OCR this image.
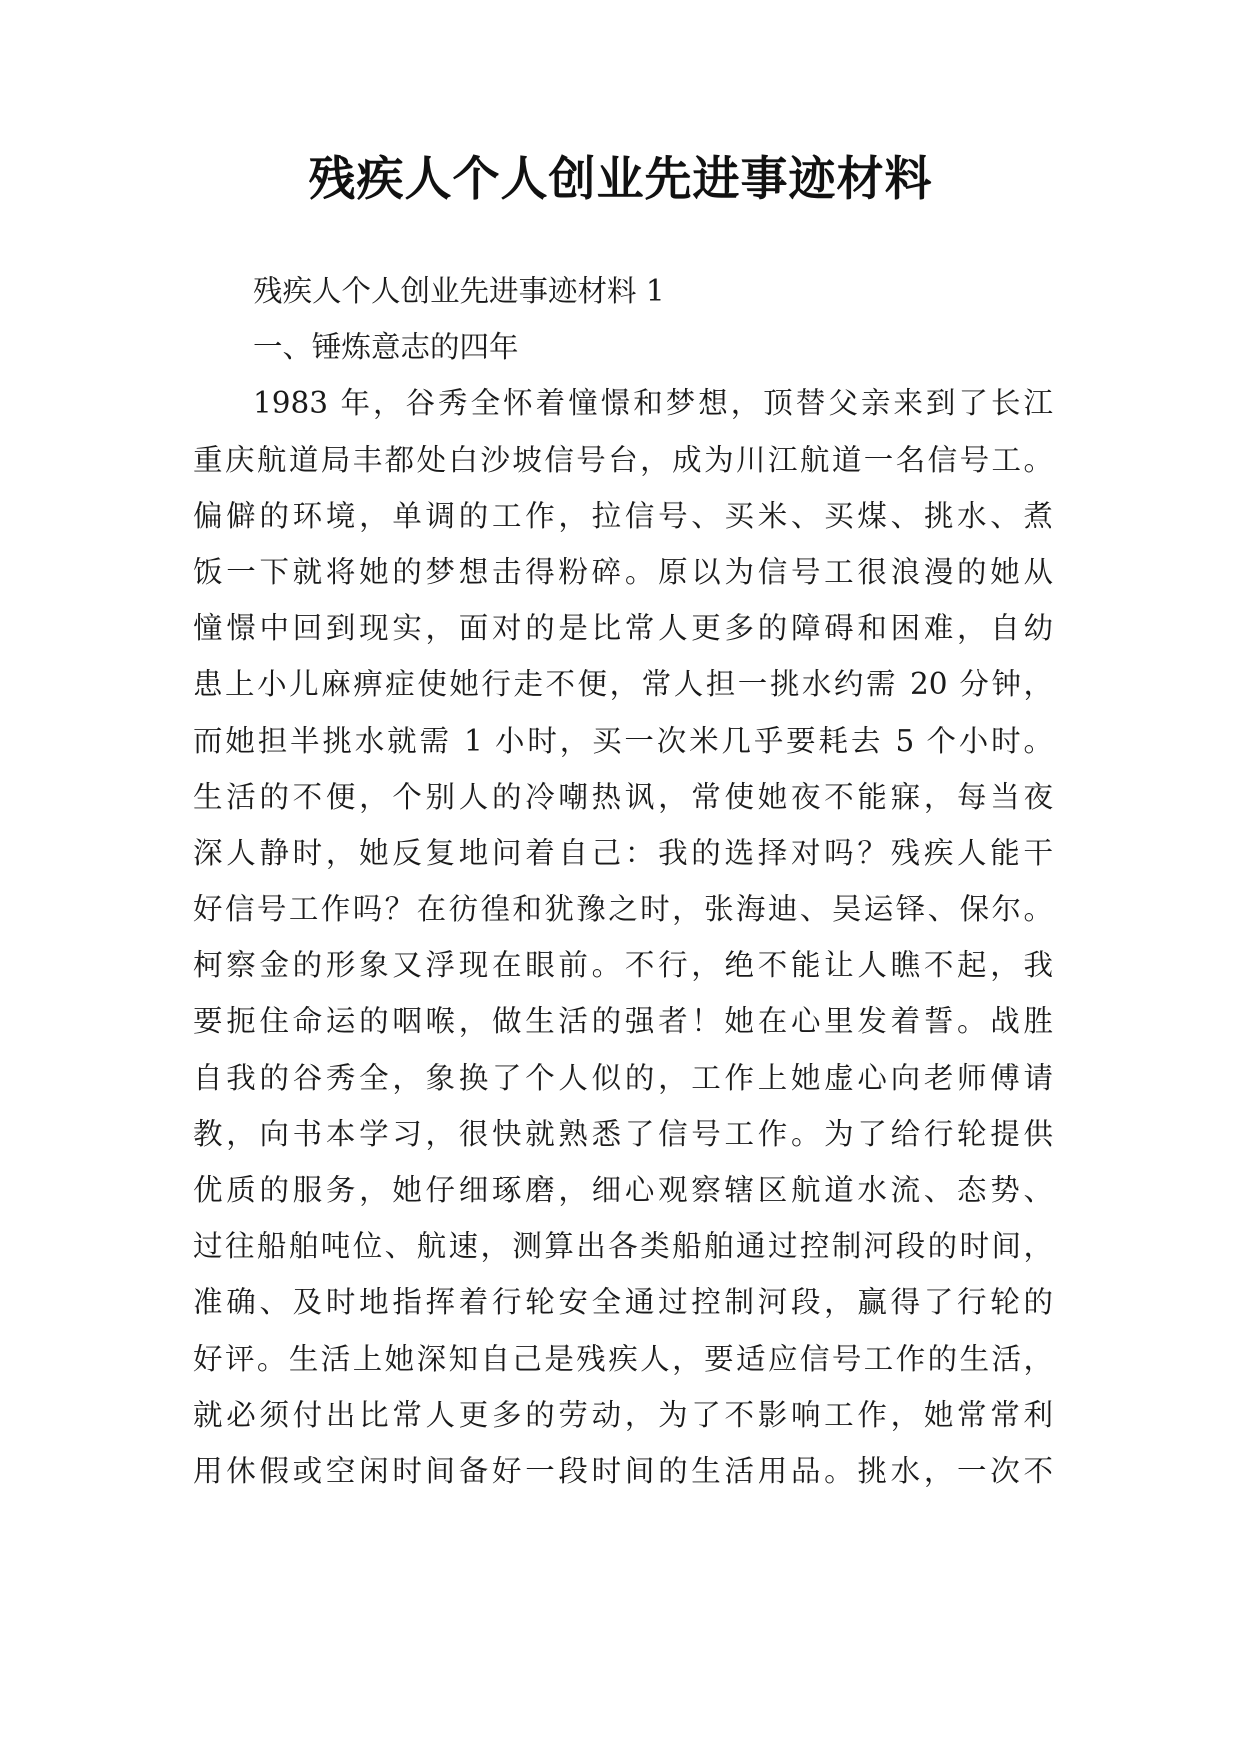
残疾人个人创业先进事迹材料
残疾人个人创业先进事迹材料 1
一、锤炼意志的四年
1983 年，谷秀全怀着憧憬和梦想，顶替父亲来到了长江
重庆航道局丰都处白沙坡信号台，成为川江航道一名信号工。
偏僻的环境，单调的工作，拉信号、买米、买煤、挑水、煮
饭一下就将她的梦想击得粉碎。原以为信号工很浪漫的她从
憧憬中回到现实，面对的是比常人更多的障碍和困难，自幼
患上小儿麻痹症使她行走不便，常人担一挑水约需 20 分钟，
而她担半挑水就需 1 小时，买一次米几乎要耗去 5 个小时。
生活的不便，个别人的冷嘲热讽，常使她夜不能寐，每当夜
深人静时，她反复地问着自己：我的选择对吗？残疾人能干
好信号工作吗？在彷徨和犹豫之时，张海迪、吴运铎、保尔。
柯察金的形象又浮现在眼前。不行，绝不能让人瞧不起，我
要扼住命运的咽喉，做生活的强者！她在心里发着誓。战胜
自我的谷秀全，象换了个人似的，工作上她虚心向老师傅请
教，向书本学习，很快就熟悉了信号工作。为了给行轮提供
优质的服务，她仔细琢磨，细心观察辖区航道水流、态势、
过往船舶吨位、航速，测算出各类船舶通过控制河段的时间，
准确、及时地指挥着行轮安全通过控制河段，赢得了行轮的
好评。生活上她深知自己是残疾人，要适应信号工作的生活，
就必须付出比常人更多的劳动，为了不影响工作，她常常利
用休假或空闲时间备好一段时间的生活用品。挑水，一次不
